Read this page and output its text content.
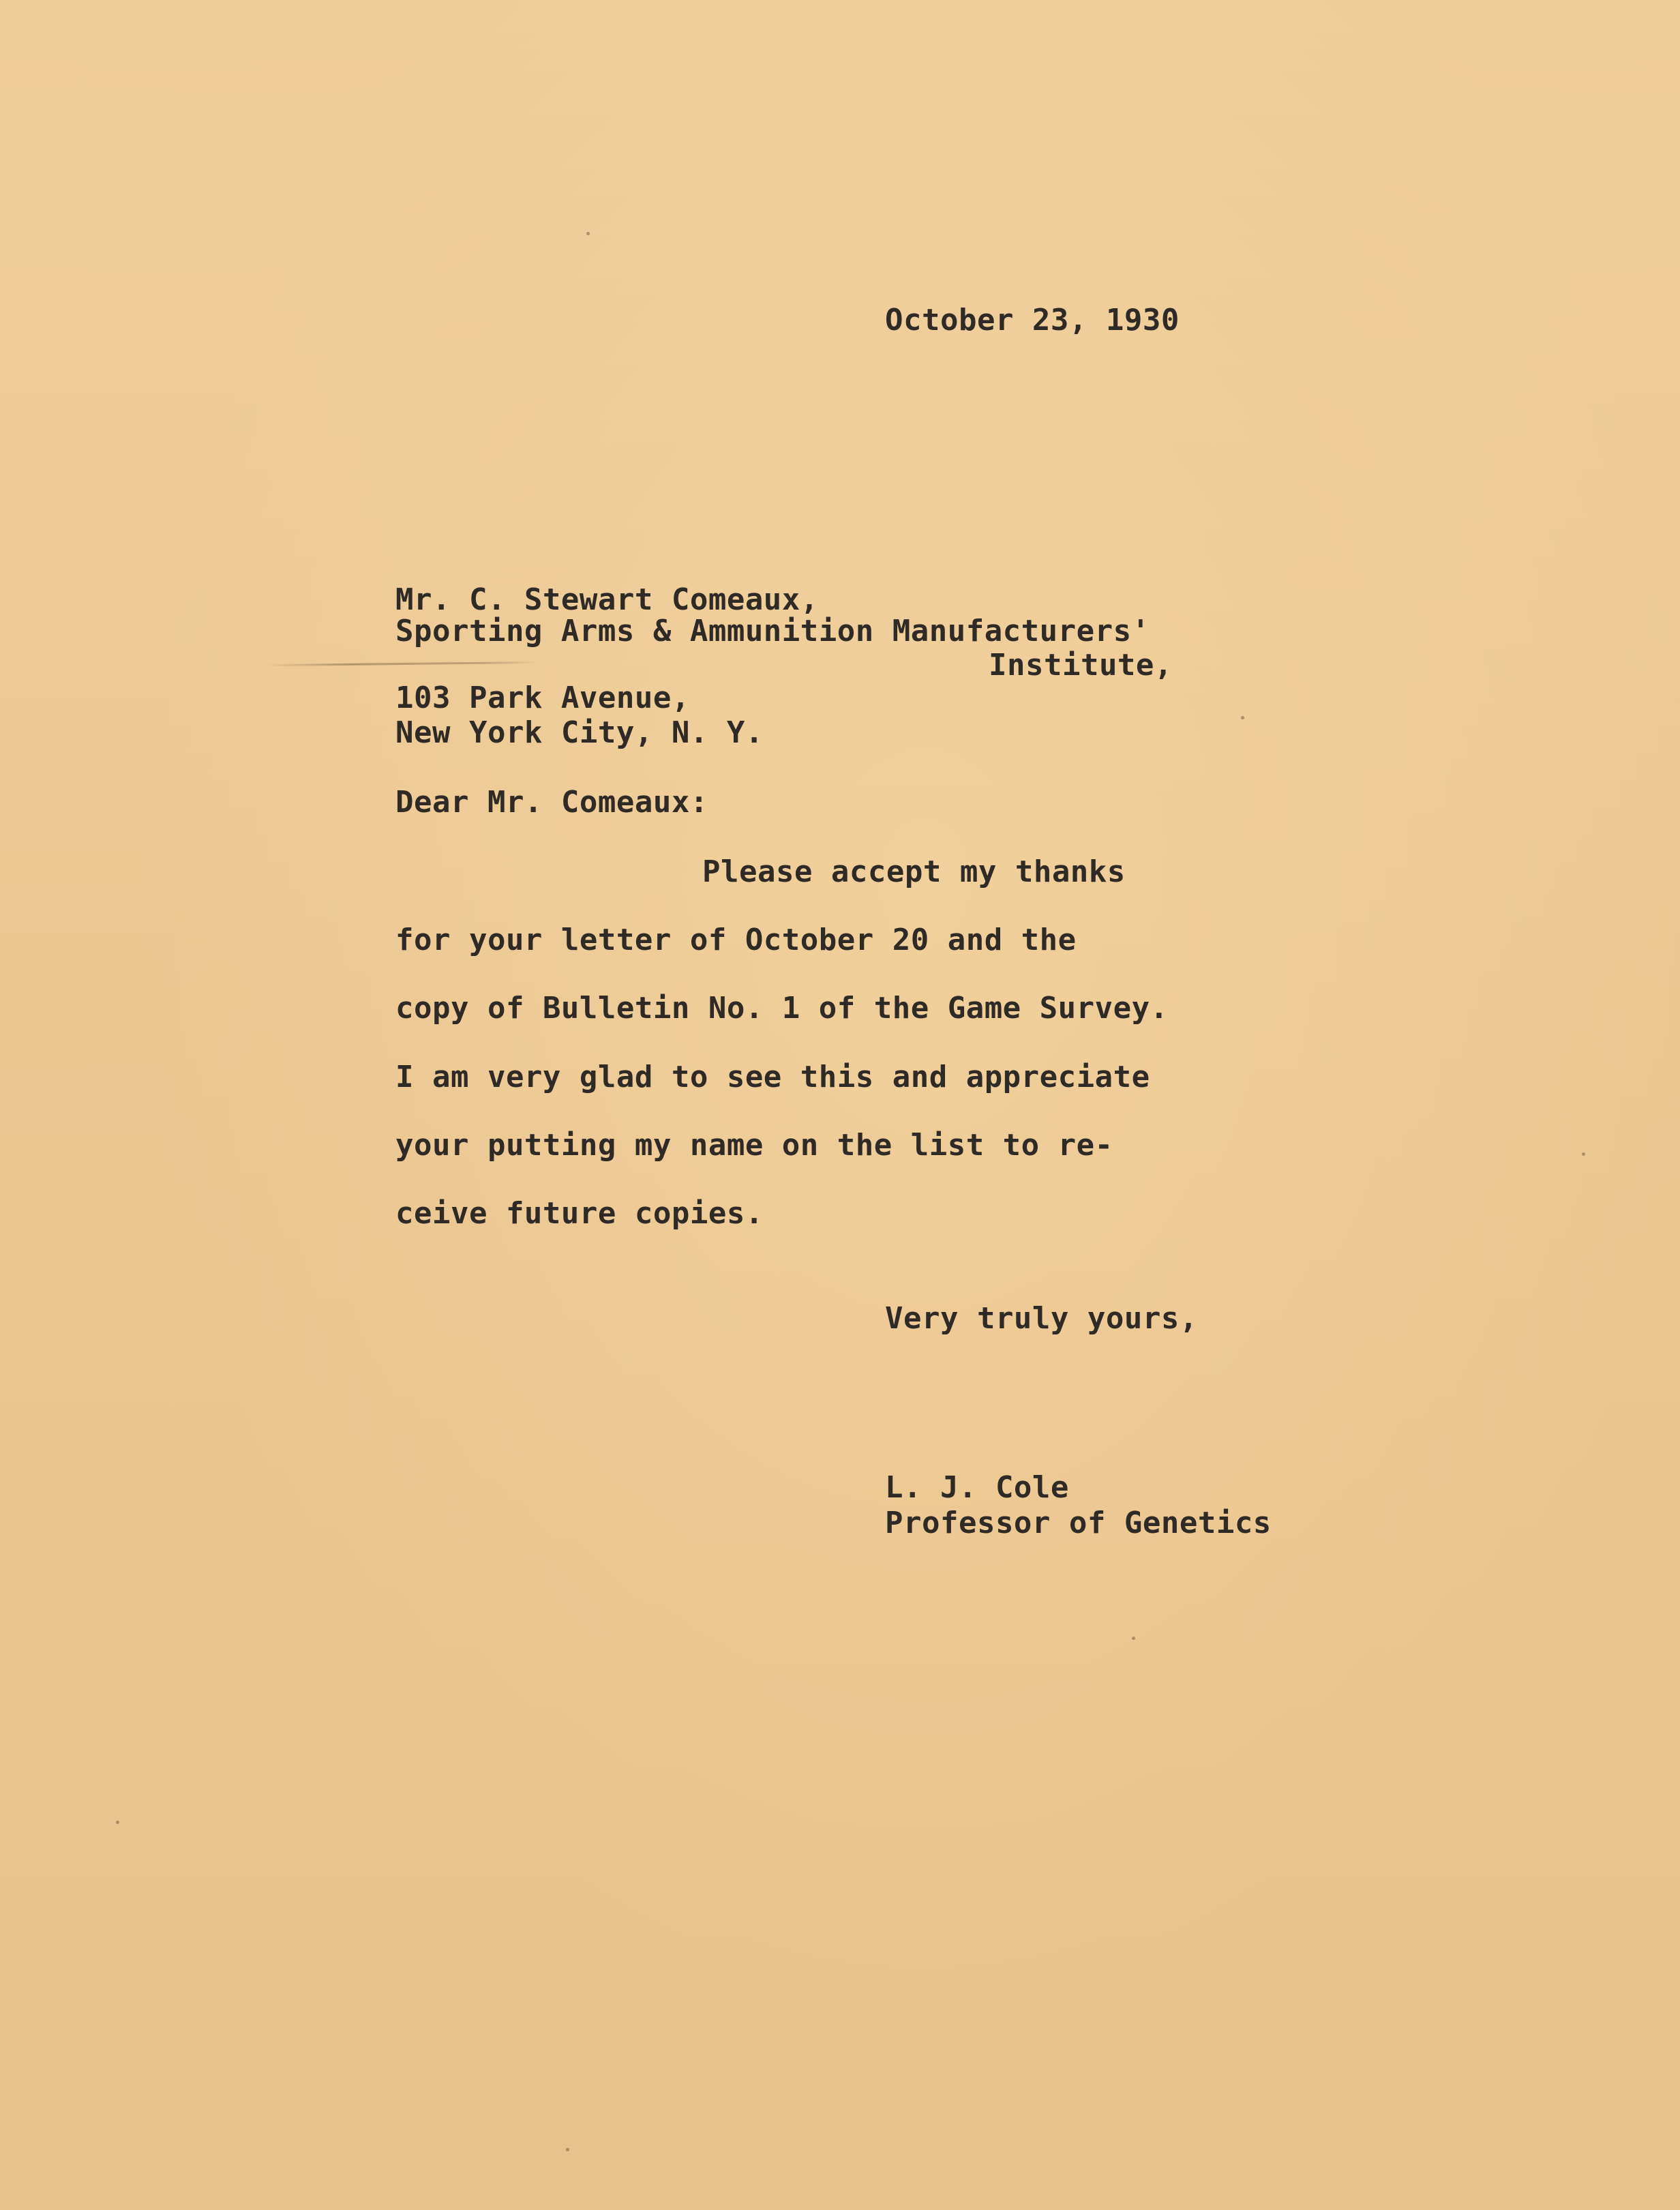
October 23, 1930
Mr. C. Stewart Comeaux,
Sporting Arms & Ammunition Manufacturers'
Institute,
103 Park Avenue,
New York City, N. Y.
Dear Mr. Comeaux:
Please accept my thanks
for your letter of October 20 and the
copy of Bulletin No. 1 of the Game Survey.
I am very glad to see this and appreciate
your putting my name on the list to re-
ceive future copies.
Very truly yours,
L. J. Cole
Professor of Genetics
